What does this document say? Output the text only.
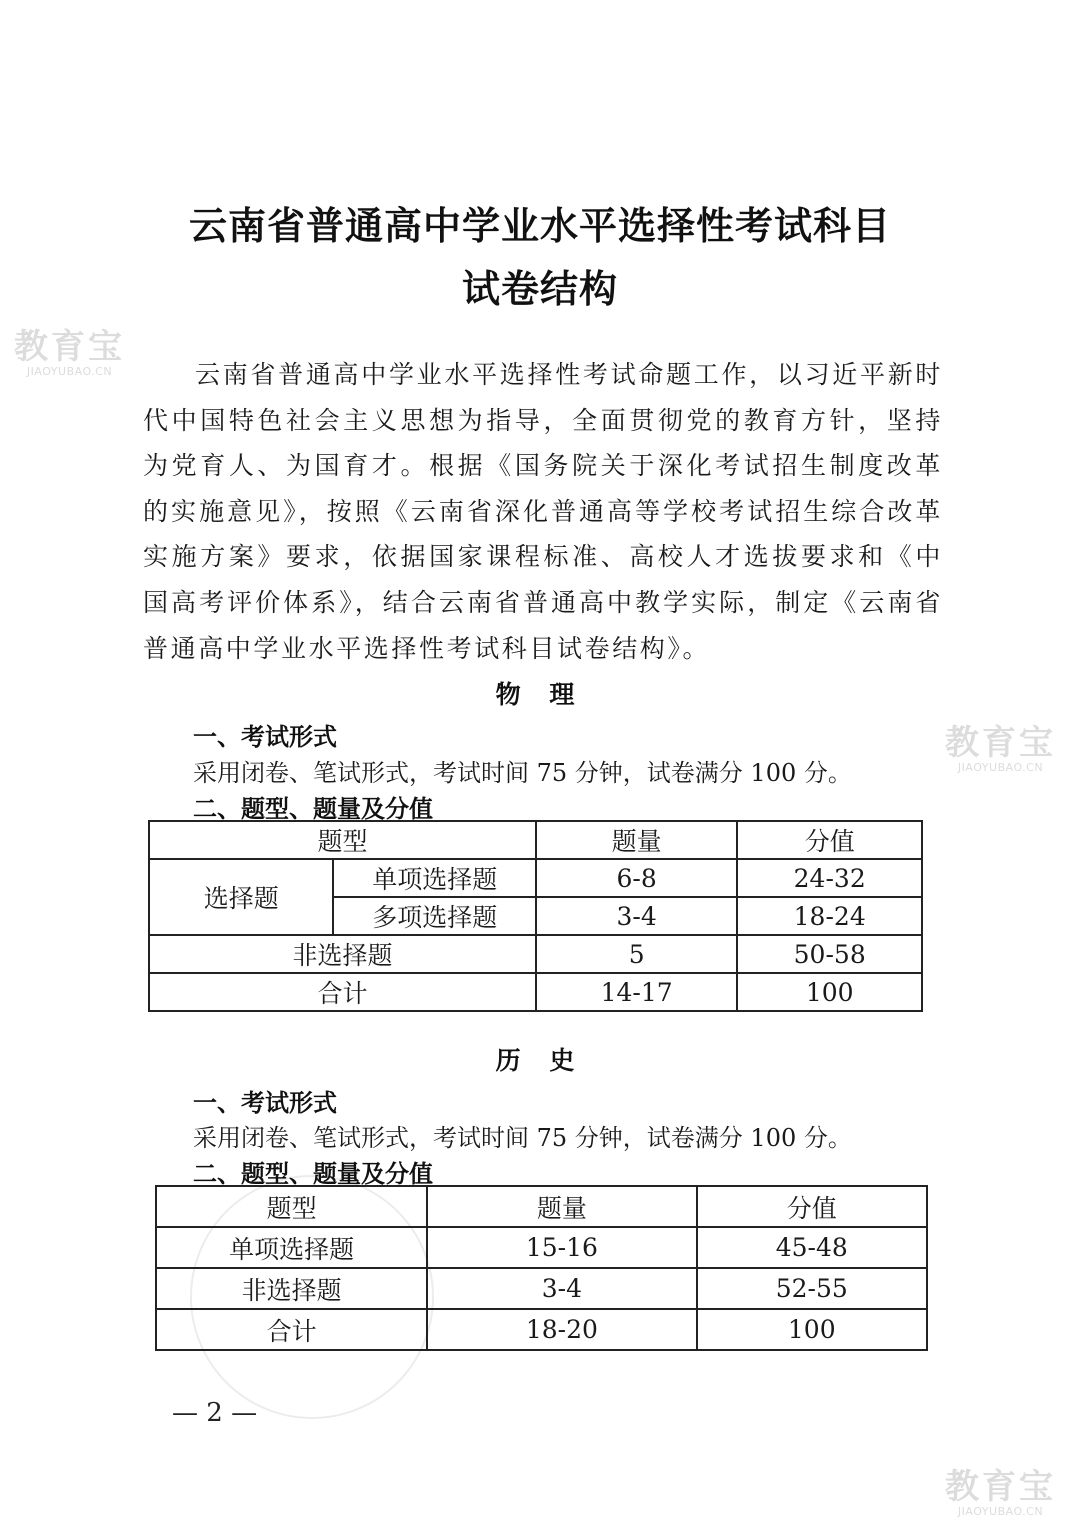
教育宝
JIAOYUBAO.CN
教育宝
JIAOYUBAO.CN
教育宝
JIAOYUBAO.CN
云南省普通高中学业水平选择性考试科目
试卷结构
云南省普通高中学业水平选择性考试命题工作，以习近平新时代中国特色社会主义思想为指导，全面贯彻党的教育方针，坚持为党育人、为国育才。根据《国务院关于深化考试招生制度改革的实施意见》，按照《云南省深化普通高等学校考试招生综合改革实施方案》要求，依据国家课程标准、高校人才选拔要求和《中国高考评价体系》，结合云南省普通高中教学实际，制定《云南省普通高中学业水平选择性考试科目试卷结构》。
物 理
一、考试形式
采用闭卷、笔试形式，考试时间 75 分钟，试卷满分 100 分。
二、题型、题量及分值
题型		题量	分值
选择题	单项选择题	6-8	24-32
	多项选择题	3-4	18-24
非选择题		5	50-58
合计		14-17	100
历 史
一、考试形式
采用闭卷、笔试形式，考试时间 75 分钟，试卷满分 100 分。
二、题型、题量及分值
题型	题量	分值
单项选择题	15-16	45-48
非选择题	3-4	52-55
合计	18-20	100
— 2 —
